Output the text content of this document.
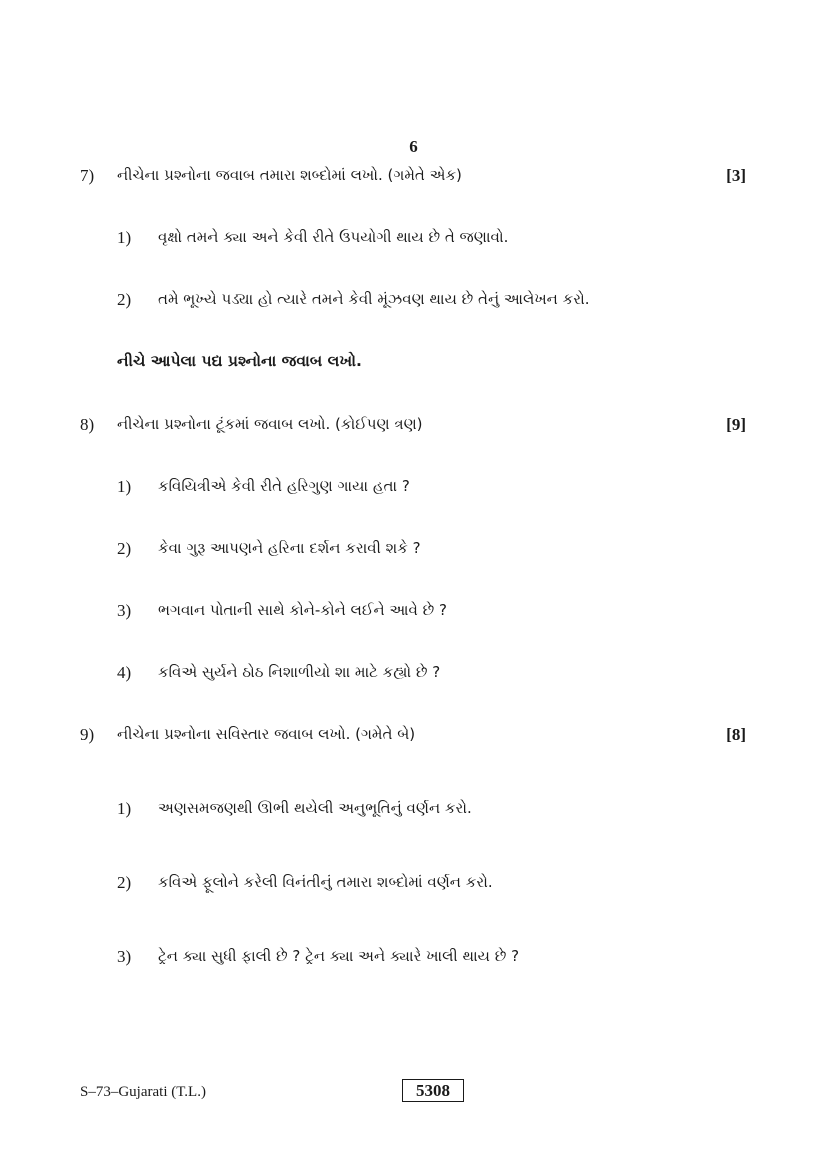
6
7) નીચેના પ્રશ્નોના જવાબ તમારા શબ્દોમાં લખો. (ગમેતે એક)	[3]
1) વૃક્ષો તમને ક્યા અને કેવી રીતે ઉપયોગી થાય છે તે જણાવો.
2) તમે ભૂખ્યે પડ્યા હો ત્યારે તમને કેવી મૂંઝવણ થાય છે તેનું આલેખન કરો.
નીચે આપેલા પદ્ય પ્રશ્નોના જવાબ લખો.
8) નીચેના પ્રશ્નોના ટૂંકમાં જવાબ લખો. (કોઈપણ ત્રણ)	[9]
1) કવિયિત્રીએ કેવી રીતે હરિગુણ ગાયા હતા ?
2) કેવા ગુરૂ આપણને હરિના દર્શન કરાવી શકે ?
3) ભગવાન પોતાની સાથે કોને-કોને લઈને આવે છે ?
4) કવિએ સુર્યને ઠોઠ નિશાળીયો શા માટે કહ્યો છે ?
9) નીચેના પ્રશ્નોના સવિસ્તાર જવાબ લખો. (ગમેતે બે)	[8]
1) અણસમજણથી ઊભી થયેલી અનુભૂતિનું વર્ણન કરો.
2) કવિએ ફૂલોને કરેલી વિનંતીનું તમારા શબ્દોમાં વર્ણન કરો.
3) ટ્રેન ક્યા સુધી ફાલી છે ? ટ્રેન ક્યા અને ક્યારે ખાલી થાય છે ?
S–73–Gujarati (T.L.)	5308
